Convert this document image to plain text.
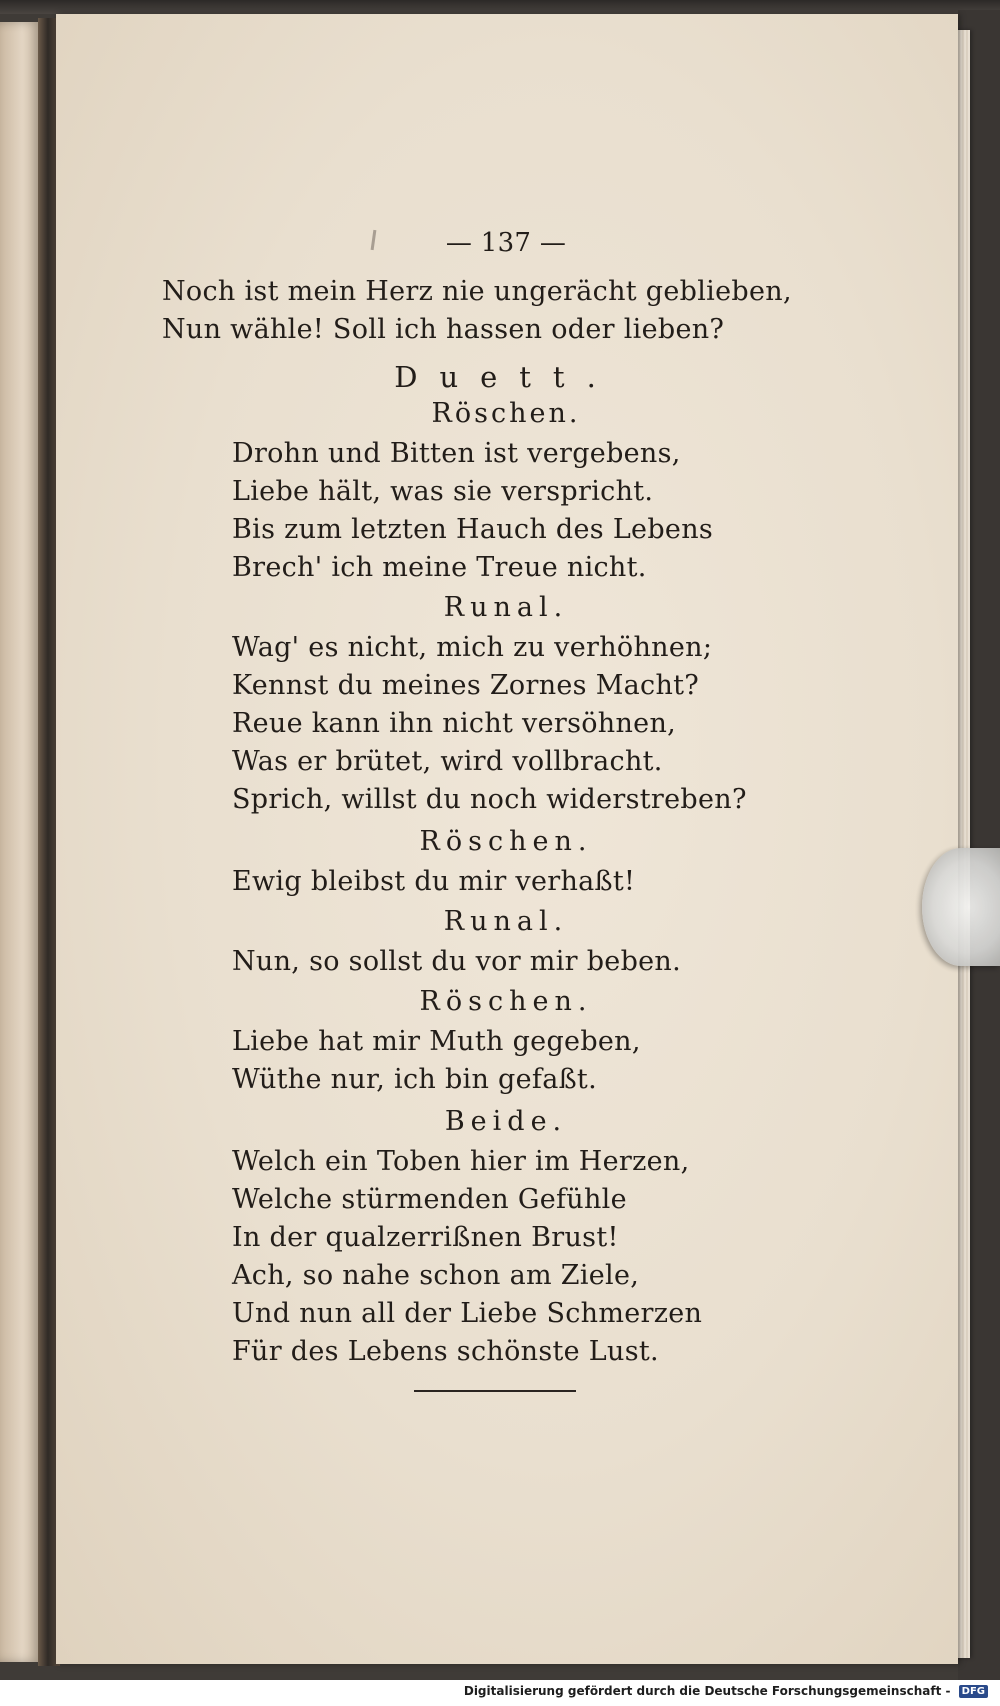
— 137 —
Noch ist mein Herz nie ungerächt geblieben,
Nun wähle! Soll ich hassen oder lieben?
Duett.
Röschen.
Drohn und Bitten ist vergebens,
Liebe hält, was sie verspricht.
Bis zum letzten Hauch des Lebens
Brech' ich meine Treue nicht.
Runal.
Wag' es nicht, mich zu verhöhnen;
Kennst du meines Zornes Macht?
Reue kann ihn nicht versöhnen,
Was er brütet, wird vollbracht.
Sprich, willst du noch widerstreben?
Röschen.
Ewig bleibst du mir verhaßt!
Runal.
Nun, so sollst du vor mir beben.
Röschen.
Liebe hat mir Muth gegeben,
Wüthe nur, ich bin gefaßt.
Beide.
Welch ein Toben hier im Herzen,
Welche stürmenden Gefühle
In der qualzerrißnen Brust!
Ach, so nahe schon am Ziele,
Und nun all der Liebe Schmerzen
Für des Lebens schönste Lust.
Digitalisierung gefördert durch die Deutsche Forschungsgemeinschaft - DFG
